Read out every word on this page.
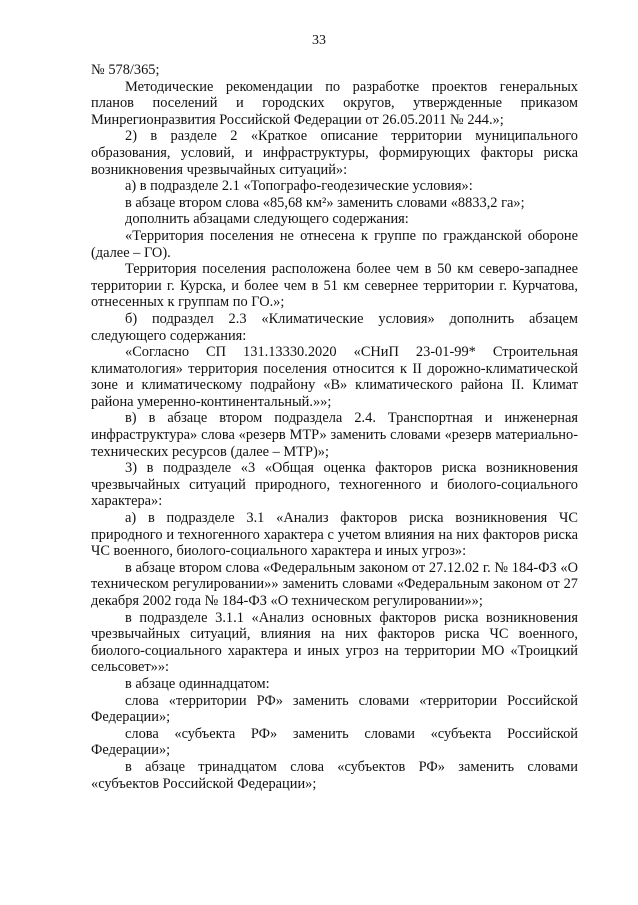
33

№ 578/365;

Методические рекомендации по разработке проектов генеральных планов поселений и городских округов, утвержденные приказом Минрегионразвития Российской Федерации от 26.05.2011 № 244.»;

2) в разделе 2 «Краткое описание территории муниципального образования, условий, и инфраструктуры, формирующих факторы риска возникновения чрезвычайных ситуаций»:

а) в подразделе 2.1 «Топографо-геодезические условия»:

в абзаце втором слова «85,68 км²» заменить словами «8833,2 га»;

дополнить абзацами следующего содержания:

«Территория поселения не отнесена к группе по гражданской обороне (далее – ГО).

Территория поселения расположена более чем в 50 км северо-западнее территории г. Курска, и более чем в 51 км севернее территории г. Курчатова, отнесенных к группам по ГО.»;

б) подраздел 2.3 «Климатические условия» дополнить абзацем следующего содержания:

«Согласно СП 131.13330.2020 «СНиП 23-01-99* Строительная климатология» территория поселения относится к II дорожно-климатической зоне и климатическому подрайону «В» климатического района II. Климат района умеренно-континентальный.»»;

в) в абзаце втором подраздела 2.4. Транспортная и инженерная инфраструктура» слова «резерв МТР» заменить словами «резерв материально-технических ресурсов (далее – МТР)»;

3) в подразделе «3 «Общая оценка факторов риска возникновения чрезвычайных ситуаций природного, техногенного и биолого-социального характера»:

а) в подразделе 3.1 «Анализ факторов риска возникновения ЧС природного и техногенного характера с учетом влияния на них факторов риска ЧС военного, биолого-социального характера и иных угроз»:

в абзаце втором слова «Федеральным законом от 27.12.02 г. № 184-ФЗ «О техническом регулировании»» заменить словами «Федеральным законом от 27 декабря 2002 года № 184-ФЗ «О техническом регулировании»»;

в подразделе 3.1.1 «Анализ основных факторов риска возникновения чрезвычайных ситуаций, влияния на них факторов риска ЧС военного, биолого-социального характера и иных угроз на территории МО «Троицкий сельсовет»»:

в абзаце одиннадцатом:

слова «территории РФ» заменить словами «территории Российской Федерации»;

слова «субъекта РФ» заменить словами «субъекта Российской Федерации»;

в абзаце тринадцатом слова «субъектов РФ» заменить словами «субъектов Российской Федерации»;
